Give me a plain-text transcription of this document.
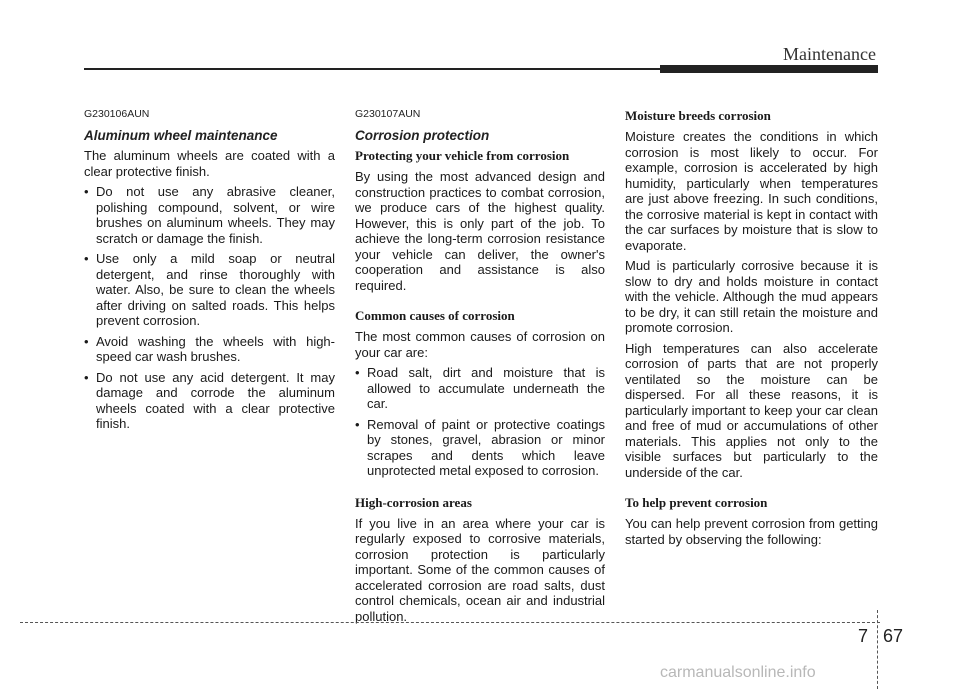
Maintenance
G230106AUN
Aluminum wheel maintenance

The aluminum wheels are coated with a clear protective finish.

• Do not use any abrasive cleaner, polishing compound, solvent, or wire brushes on aluminum wheels. They may scratch or damage the finish.
• Use only a mild soap or neutral detergent, and rinse thoroughly with water. Also, be sure to clean the wheels after driving on salted roads. This helps prevent corrosion.
• Avoid washing the wheels with high-speed car wash brushes.
• Do not use any acid detergent. It may damage and corrode the aluminum wheels coated with a clear protective finish.
G230107AUN
Corrosion protection
Protecting your vehicle from corrosion

By using the most advanced design and construction practices to combat corrosion, we produce cars of the highest quality. However, this is only part of the job. To achieve the long-term corrosion resistance your vehicle can deliver, the owner's cooperation and assistance is also required.

Common causes of corrosion

The most common causes of corrosion on your car are:

• Road salt, dirt and moisture that is allowed to accumulate underneath the car.
• Removal of paint or protective coatings by stones, gravel, abrasion or minor scrapes and dents which leave unprotected metal exposed to corrosion.
High-corrosion areas

If you live in an area where your car is regularly exposed to corrosive materials, corrosion protection is particularly important. Some of the common causes of accelerated corrosion are road salts, dust control chemicals, ocean air and industrial pollution.

Moisture breeds corrosion

Moisture creates the conditions in which corrosion is most likely to occur. For example, corrosion is accelerated by high humidity, particularly when temperatures are just above freezing. In such conditions, the corrosive material is kept in contact with the car surfaces by moisture that is slow to evaporate.

Mud is particularly corrosive because it is slow to dry and holds moisture in contact with the vehicle. Although the mud appears to be dry, it can still retain the moisture and promote corrosion.

High temperatures can also accelerate corrosion of parts that are not properly ventilated so the moisture can be dispersed. For all these reasons, it is particularly important to keep your car clean and free of mud or accumulations of other materials. This applies not only to the visible surfaces but particularly to the underside of the car.

To help prevent corrosion

You can help prevent corrosion from getting started by observing the following:

7 67
carmanualsonline.info
